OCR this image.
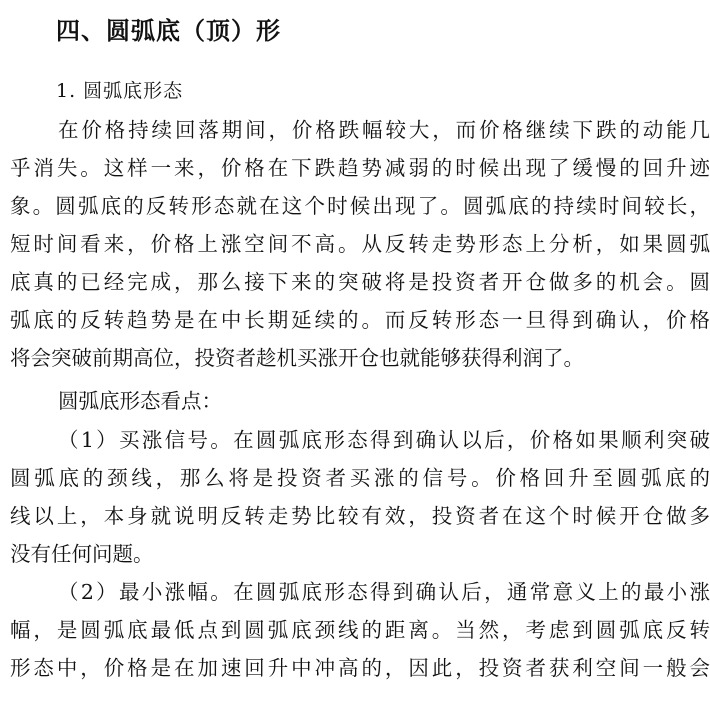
四、圆弧底（顶）形
1. 圆弧底形态
在价格持续回落期间，价格跌幅较大，而价格继续下跌的动能几
乎消失。这样一来，价格在下跌趋势减弱的时候出现了缓慢的回升迹
象。圆弧底的反转形态就在这个时候出现了。圆弧底的持续时间较长，
短时间看来，价格上涨空间不高。从反转走势形态上分析，如果圆弧
底真的已经完成，那么接下来的突破将是投资者开仓做多的机会。圆
弧底的反转趋势是在中长期延续的。而反转形态一旦得到确认，价格
将会突破前期高位，投资者趁机买涨开仓也就能够获得利润了。
圆弧底形态看点：
（1）买涨信号。在圆弧底形态得到确认以后，价格如果顺利突破
圆弧底的颈线，那么将是投资者买涨的信号。价格回升至圆弧底的
线以上，本身就说明反转走势比较有效，投资者在这个时候开仓做多
没有任何问题。
（2）最小涨幅。在圆弧底形态得到确认后，通常意义上的最小涨
幅，是圆弧底最低点到圆弧底颈线的距离。当然，考虑到圆弧底反转
形态中，价格是在加速回升中冲高的，因此，投资者获利空间一般会
